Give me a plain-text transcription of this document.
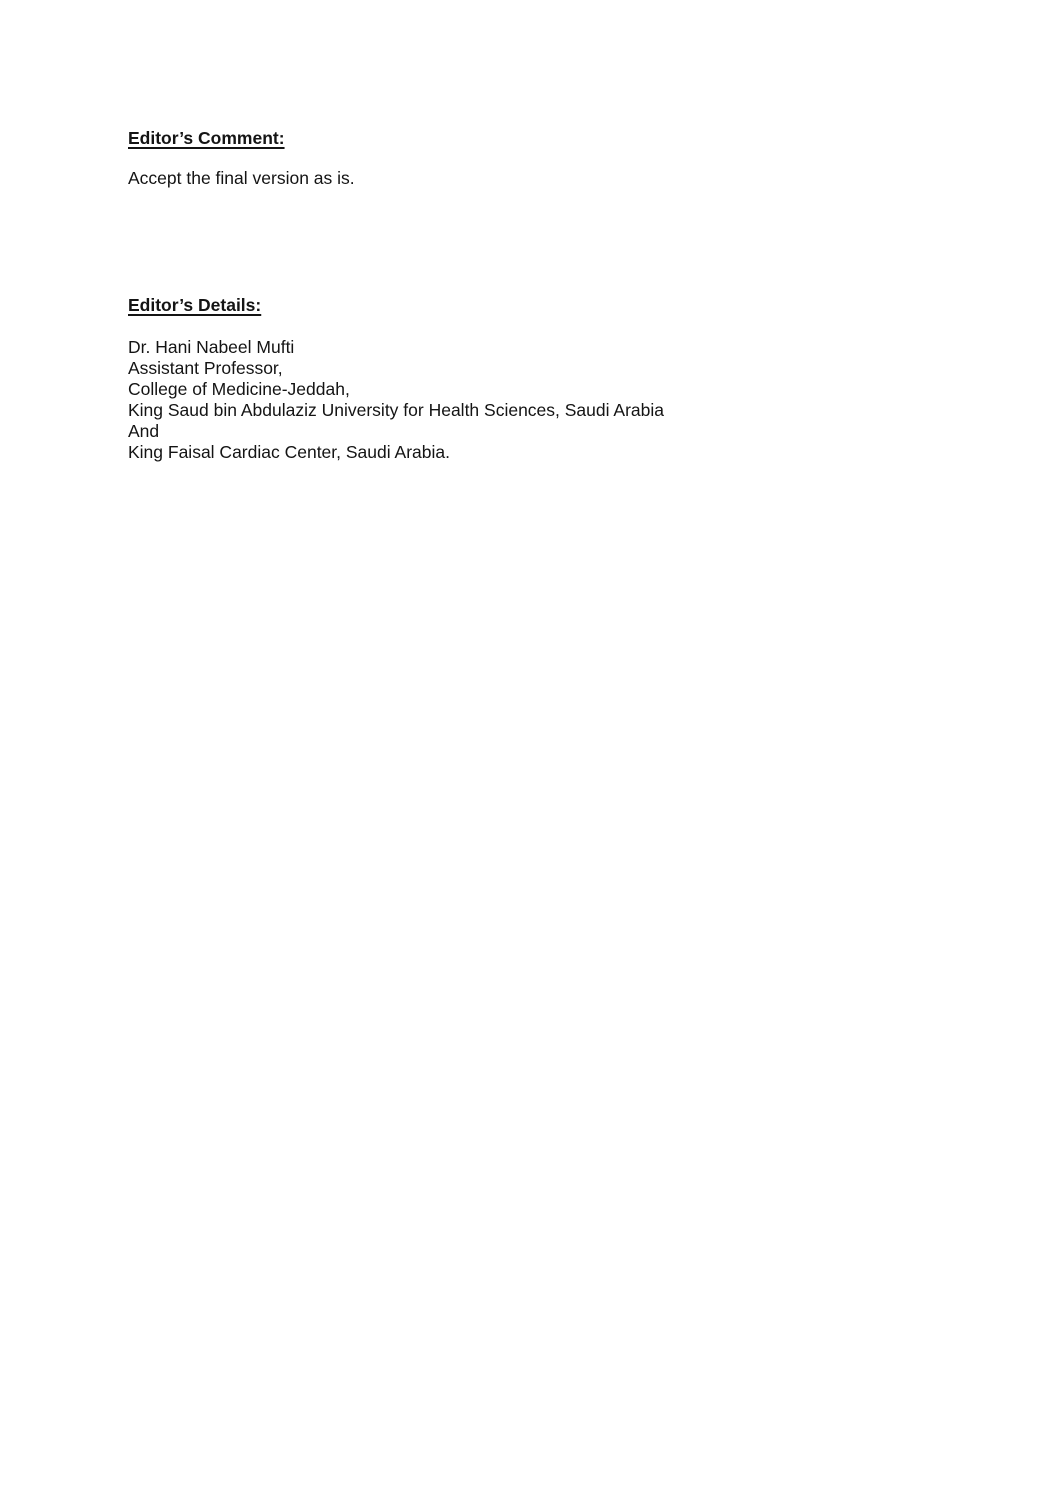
Editor’s Comment:

Accept the final version as is.

Editor’s Details:

Dr. Hani Nabeel Mufti

Assistant Professor,

College of Medicine-Jeddah,

King Saud bin Abdulaziz University for Health Sciences, Saudi Arabia

And

King Faisal Cardiac Center, Saudi Arabia.
